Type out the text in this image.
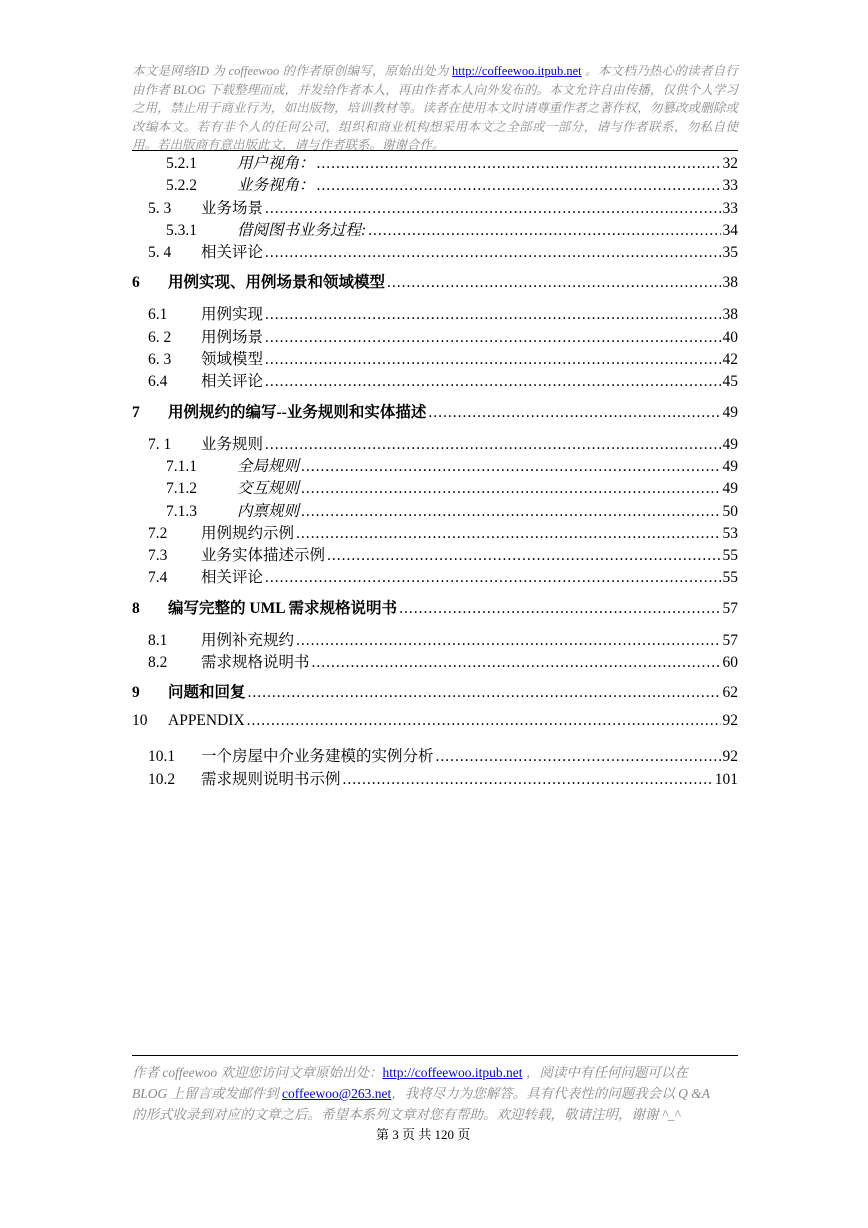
本文是网络ID 为 coffeewoo 的作者原创编写，原始出处为 http://coffeewoo.itpub.net 。本文档乃热心的读者自行由作者 BLOG 下载整理而成，并发给作者本人，再由作者本人向外发布的。本文允许自由传播，仅供个人学习之用，禁止用于商业行为，如出版物，培训教材等。读者在使用本文时请尊重作者之著作权，勿篡改或删除或改编本文。若有非个人的任何公司，组织和商业机构想采用本文之全部或一部分，请与作者联系，勿私自使用。若出版商有意出版此文，请与作者联系。谢谢合作。
5.2.1	用户视角： .....	32
5.2.2	业务视角： .....	33
5. 3	业务场景 .....	33
5.3.1	借阅图书业务过程: .....	34
5. 4	相关评论 .....	35
6	用例实现、用例场景和领域模型 .....	38
6.1	用例实现 .....	38
6. 2	用例场景 .....	40
6. 3	领域模型 .....	42
6.4	相关评论 .....	45
7	用例规约的编写--业务规则和实体描述 .....	49
7. 1	业务规则 .....	49
7.1.1	全局规则 .....	49
7.1.2	交互规则 .....	49
7.1.3	内禀规则 .....	50
7.2	用例规约示例 .....	53
7.3	业务实体描述示例 .....	55
7.4	相关评论 .....	55
8	编写完整的 UML 需求规格说明书 .....	57
8.1	用例补充规约 .....	57
8.2	需求规格说明书 .....	60
9	问题和回复 .....	62
10	APPENDIX .....	92
10.1	一个房屋中介业务建模的实例分析 .....	92
10.2	需求规则说明书示例 .....	101
作者 coffeewoo 欢迎您访问文章原始出处：http://coffeewoo.itpub.net ，阅读中有任何问题可以在 BLOG 上留言或发邮件到 coffeewoo@263.net，我将尽力为您解答。具有代表性的问题我会以 Q &A 的形式收录到对应的文章之后。希望本系列文章对您有帮助。欢迎转载，敬请注明，谢谢 ^_^
第 3 页 共 120 页
